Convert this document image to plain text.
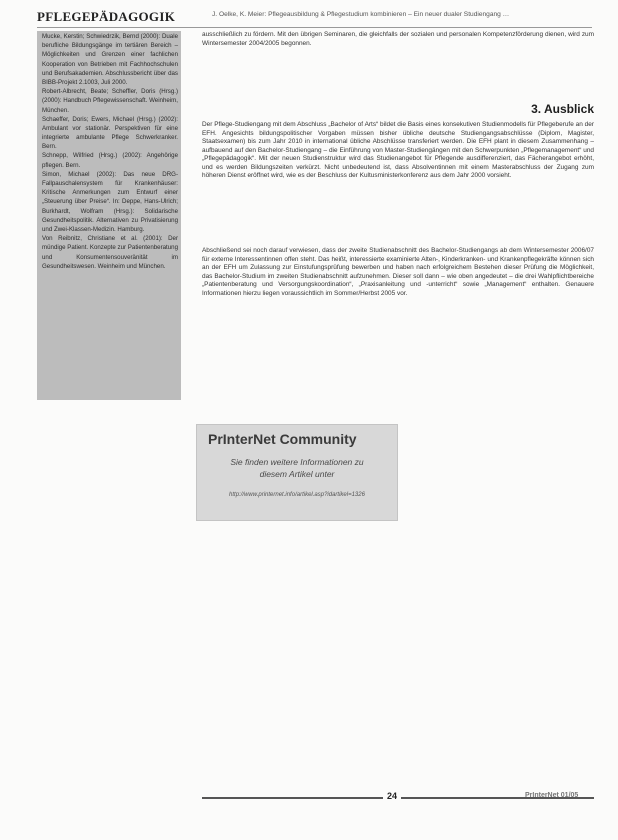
PFLEGEPÄDAGOGIK	J. Oelke, K. Meier: Pflegeausbildung & Pflegestudium kombinieren – Ein neuer dualer Studiengang …

Mucke, Kerstin; Schwiedrzik, Bernd (2000): Duale berufliche Bildungsgänge im tertiären Bereich – Möglichkeiten und Grenzen einer fachlichen Kooperation von Betrieben mit Fachhochschulen und Berufsakademien. Abschlussbericht über das BIBB-Projekt 2.1003, Juli 2000.

Robert-Albrecht, Beate; Scheffler, Doris (Hrsg.) (2000): Handbuch Pflegewissenschaft. Weinheim, München.

Schaeffer, Doris; Ewers, Michael (Hrsg.) (2002): Ambulant vor stationär. Perspektiven für eine integrierte ambulante Pflege Schwerkranker. Bern.

Schnepp, Wilfried (Hrsg.) (2002): Angehörige pflegen. Bern.

Simon, Michael (2002): Das neue DRG-Fallpauschalensystem für Krankenhäuser: Kritische Anmerkungen zum Entwurf einer „Steuerung über Preise“. In: Deppe, Hans-Ulrich; Burkhardt, Wolfram (Hrsg.): Solidarische Gesundheitspolitik. Alternativen zu Privatisierung und Zwei-Klassen-Medizin. Hamburg.

Von Reibnitz, Christiane et al. (2001): Der mündige Patient. Konzepte zur Patientenberatung und Konsumentensouveränität im Gesundheitswesen. Weinheim und München.

ausschließlich zu fördern. Mit den übrigen Seminaren, die gleichfalls der sozialen und personalen Kompetenzförderung dienen, wird zum Wintersemester 2004/2005 begonnen.

3. Ausblick

Der Pflege-Studiengang mit dem Abschluss „Bachelor of Arts“ bildet die Basis eines konsekutiven Studienmodells für Pflegeberufe an der EFH. Angesichts bildungspolitischer Vorgaben müssen bisher übliche deutsche Studiengangsabschlüsse (Diplom, Magister, Staatsexamen) bis zum Jahr 2010 in international übliche Abschlüsse transferiert werden. Die EFH plant in diesem Zusammenhang – aufbauend auf den Bachelor-Studiengang – die Einführung von Master-Studiengängen mit den Schwerpunkten „Pflegemanagement“ und „Pflegepädagogik“. Mit der neuen Studienstruktur wird das Studienangebot für Pflegende ausdifferenziert, das Fächerangebot erhöht, und es werden Bildungszeiten verkürzt. Nicht unbedeutend ist, dass Absolventinnen mit einem Masterabschluss der Zugang zum höheren Dienst eröffnet wird, wie es der Beschluss der Kultusministerkonferenz aus dem Jahr 2000 vorsieht.

Abschließend sei noch darauf verwiesen, dass der zweite Studienabschnitt des Bachelor-Studiengangs ab dem Wintersemester 2006/07 für externe Interessentinnen offen steht. Das heißt, interessierte examinierte Alten-, Kinderkranken- und Krankenpflegekräfte können sich an der EFH um Zulassung zur Einstufungsprüfung bewerben und haben nach erfolgreichem Bestehen dieser Prüfung die Möglichkeit, das Bachelor-Studium im zweiten Studienabschnitt aufzunehmen. Dieser soll dann – wie oben angedeutet – die drei Wahlpflichtbereiche „Patientenberatung und Versorgungskoordination“, „Praxisanleitung und -unterricht“ sowie „Management“ enthalten. Genauere Informationen hierzu liegen voraussichtlich im Sommer/Herbst 2005 vor.

PrInterNet Community
Sie finden weitere Informationen zu
diesem Artikel unter
http://www.printernet.info/artikel.asp?idartikel=1326
24	PrInterNet 01/05
